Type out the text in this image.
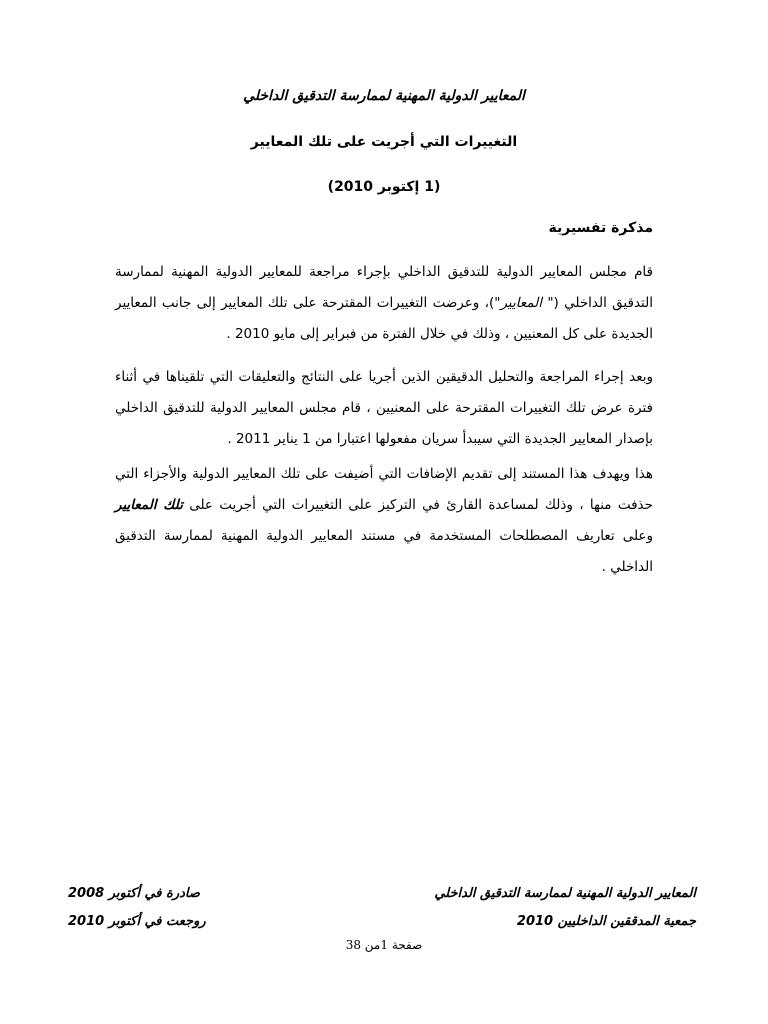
المعايير الدولية المهنية لممارسة التدقيق الداخلي
التغييرات التي أجريت على تلك المعايير
(1 إكتوبر 2010)
مذكرة تفسيرية
قام مجلس المعايير الدولية للتدقيق الداخلي بإجراء مراجعة للمعايير الدولية المهنية لممارسة التدقيق الداخلي (" المعايير")، وعرضت التغييرات المقترحة على تلك المعايير إلى جانب المعايير الجديدة على كل المعنيين ، وذلك في خلال الفترة من فبراير إلى مايو 2010 .
وبعد إجراء المراجعة والتحليل الدقيقين الذين أجريا على النتائج والتعليقات التي تلقيناها في أثناء فترة عرض تلك التغييرات المقترحة على المعنيين ، قام مجلس المعايير الدولية للتدقيق الداخلي بإصدار المعايير الجديدة التي سيبدأ سريان مفعولها اعتبارا من 1 يناير 2011 .
هذا ويهدف هذا المستند إلى تقديم الإضافات التي أضيفت على تلك المعايير الدولية والأجزاء التي حذفت منها ، وذلك لمساعدة القارئ في التركيز على التغييرات التي أجريت على تلك المعايير وعلى تعاريف المصطلحات المستخدمة في مستند المعايير الدولية المهنية لممارسة التدقيق الداخلي .
المعايير الدولية المهنية لممارسة التدقيق الداخلي
جمعية المدققين الداخليين 2010
صادرة في أكتوبر 2008
روجعت في أكتوبر 2010
صفحة 1من 38
